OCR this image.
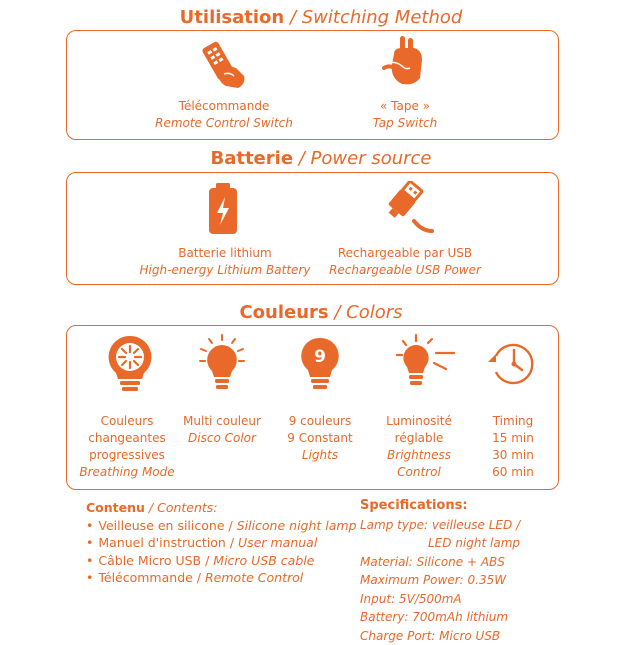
Utilisation / Switching Method
Télécommande
Remote Control Switch
« Tape »
Tap Switch
Batterie / Power source
Batterie lithium
High-energy Lithium Battery
Rechargeable par USB
Rechargeable USB Power
Couleurs / Colors
9
Couleurs
changeantes
progressives
Breathing Mode
Multi couleur
Disco Color
9 couleurs
9 Constant
Lights
Luminosité
réglable
Brightness
Control
Timing
15 min
30 min
60 min
Contenu / Contents:
• Veilleuse en silicone / Silicone night lamp
• Manuel d'instruction / User manual
• Câble Micro USB / Micro USB cable
• Télécommande / Remote Control
Specifications:
Lamp type: veilleuse LED /
LED night lamp
Material: Silicone + ABS
Maximum Power: 0.35W
Input: 5V/500mA
Battery: 700mAh lithium
Charge Port: Micro USB
